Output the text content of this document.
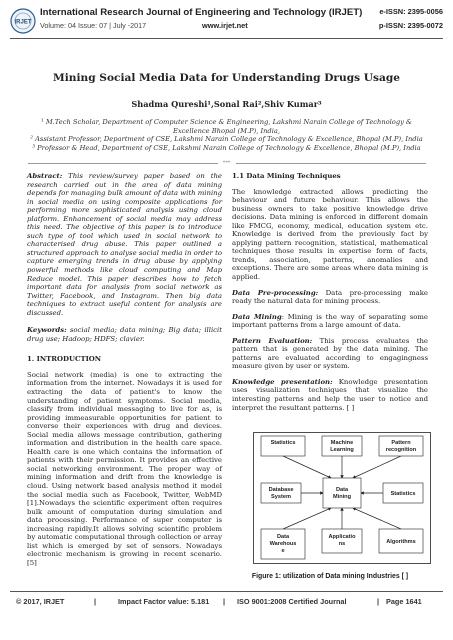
IRJET
International Research Journal of Engineering and Technology (IRJET)
Volume: 04 Issue: 07 | July -2017	www.irjet.net
e-ISSN: 2395-0056
p-ISSN: 2395-0072
Mining Social Media Data for Understanding Drugs Usage
Shadma Qureshi¹,Sonal Rai²,Shiv Kumar³
¹ M.Tech Scholar, Department of Computer Science & Engineering, Lakshmi Narain College of Technology &
Excellence Bhopal (M.P), India,
² Assistant Professor, Department of CSE, Lakshmi Narain College of Technology & Excellence, Bhopal (M.P), India
³ Professor & Head, Department of CSE, Lakshmi Narain College of Technology & Excellence, Bhopal (M.P), India
***

Abstract: This review/survey paper based on the research carried out in the area of data mining depends for managing bulk amount of data with mining in social media on using composite applications for performing more sophisticated analysis using cloud platform. Enhancement of social media may address this need. The objective of this paper is to introduce such type of tool which used in social network to characterised drug abuse. This paper outlined a structured approach to analyse social media in order to capture emerging trends in drug abuse by applying powerful methods like cloud computing and Map Reduce model. This paper describes how to fetch important data for analysis from social network as Twitter, Facebook, and Instagram. Then big data techniques to extract useful content for analysis are discussed.

Keywords: social media; data mining; Big data; illicit drug use; Hadoop; HDFS; clavier.

1. INTRODUCTION

Social network (media) is one to extracting the information from the internet. Nowadays it is used for extracting the data of patient's to know the understanding of patient symptoms. Social media, classify from individual messaging to live for as, is providing immeasurable opportunities for patient to converse their experiences with drug and devices. Social media allows message contribution, gathering information and distribution in the health care space. Health care is one which contains the information of patients with their permission. It provides an effective social networking environment. The proper way of mining information and drift from the knowledge is cloud. Using network based analysis method it model the social media such as Facebook, Twitter, WebMD [1].Nowadays the scientific experiment often requires bulk amount of computation during simulation and data processing. Performance of super computer is increasing rapidly.It allows solving scientific problem by automatic computational through collection or array list which is emerged by set of sensors. Nowadays electronic mechanism is growing in recent scenario. [5]

1.1 Data Mining Techniques

The knowledge extracted allows predicting the behaviour and future behaviour. This allows the business owners to take positive knowledge drive decisions. Data mining is enforced in different domain like FMCG, economy, medical, education system etc. Knowledge is derived from the previously fact by applying pattern recognition, statistical, mathematical techniques those results in expertise form of facts, trends, association, patterns, anomalies and exceptions. There are some areas where data mining is applied.

Data Pre-processing: Data pre-processing make ready the natural data for mining process.

Data Mining: Mining is the way of separating some important patterns from a large amount of data.

Pattern Evaluation: This process evaluates the pattern that is generated by the data mining. The patterns are evaluated according to engagingness measure given by user or system.

Knowledge presentation: Knowledge presentation uses visualization techniques that visualize the interesting patterns and help the user to notice and interpret the resultant patterns. [ ]

Statistics	Machine
Learning
Pattern
recognition
Database
System
Data
Mining	Statistics
Data
Warehous
e
Applicatio
ns	Algorithms
Figure 1: utilization of Data mining Industries [ ]
© 2017, IRJET	|	Impact Factor value: 5.181 | ISO 9001:2008 Certified Journal	| Page 1641
